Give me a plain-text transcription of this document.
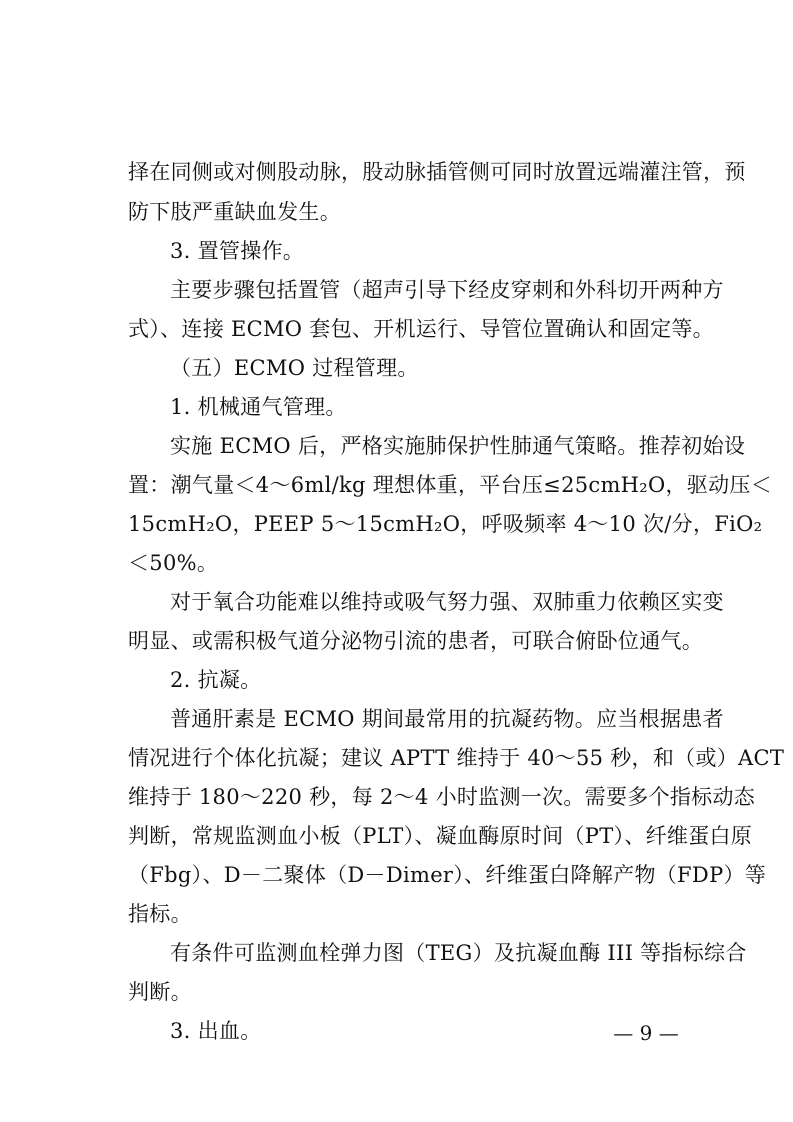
择在同侧或对侧股动脉，股动脉插管侧可同时放置远端灌注管，预
防下肢严重缺血发生。
3. 置管操作。
主要步骤包括置管（超声引导下经皮穿刺和外科切开两种方
式）、连接 ECMO 套包、开机运行、导管位置确认和固定等。
（五）ECMO 过程管理。
1. 机械通气管理。
实施 ECMO 后，严格实施肺保护性肺通气策略。推荐初始设
置：潮气量＜4～6ml/kg 理想体重，平台压≤25cmH₂O，驱动压＜
15cmH₂O，PEEP 5～15cmH₂O，呼吸频率 4～10 次/分，FiO₂
＜50%。
对于氧合功能难以维持或吸气努力强、双肺重力依赖区实变
明显、或需积极气道分泌物引流的患者，可联合俯卧位通气。
2. 抗凝。
普通肝素是 ECMO 期间最常用的抗凝药物。应当根据患者
情况进行个体化抗凝；建议 APTT 维持于 40～55 秒，和（或）ACT
维持于 180～220 秒，每 2～4 小时监测一次。需要多个指标动态
判断，常规监测血小板（PLT）、凝血酶原时间（PT）、纤维蛋白原
（Fbg）、D－二聚体（D－Dimer）、纤维蛋白降解产物（FDP）等
指标。
有条件可监测血栓弹力图（TEG）及抗凝血酶 III 等指标综合
判断。
3. 出血。	— 9 —
